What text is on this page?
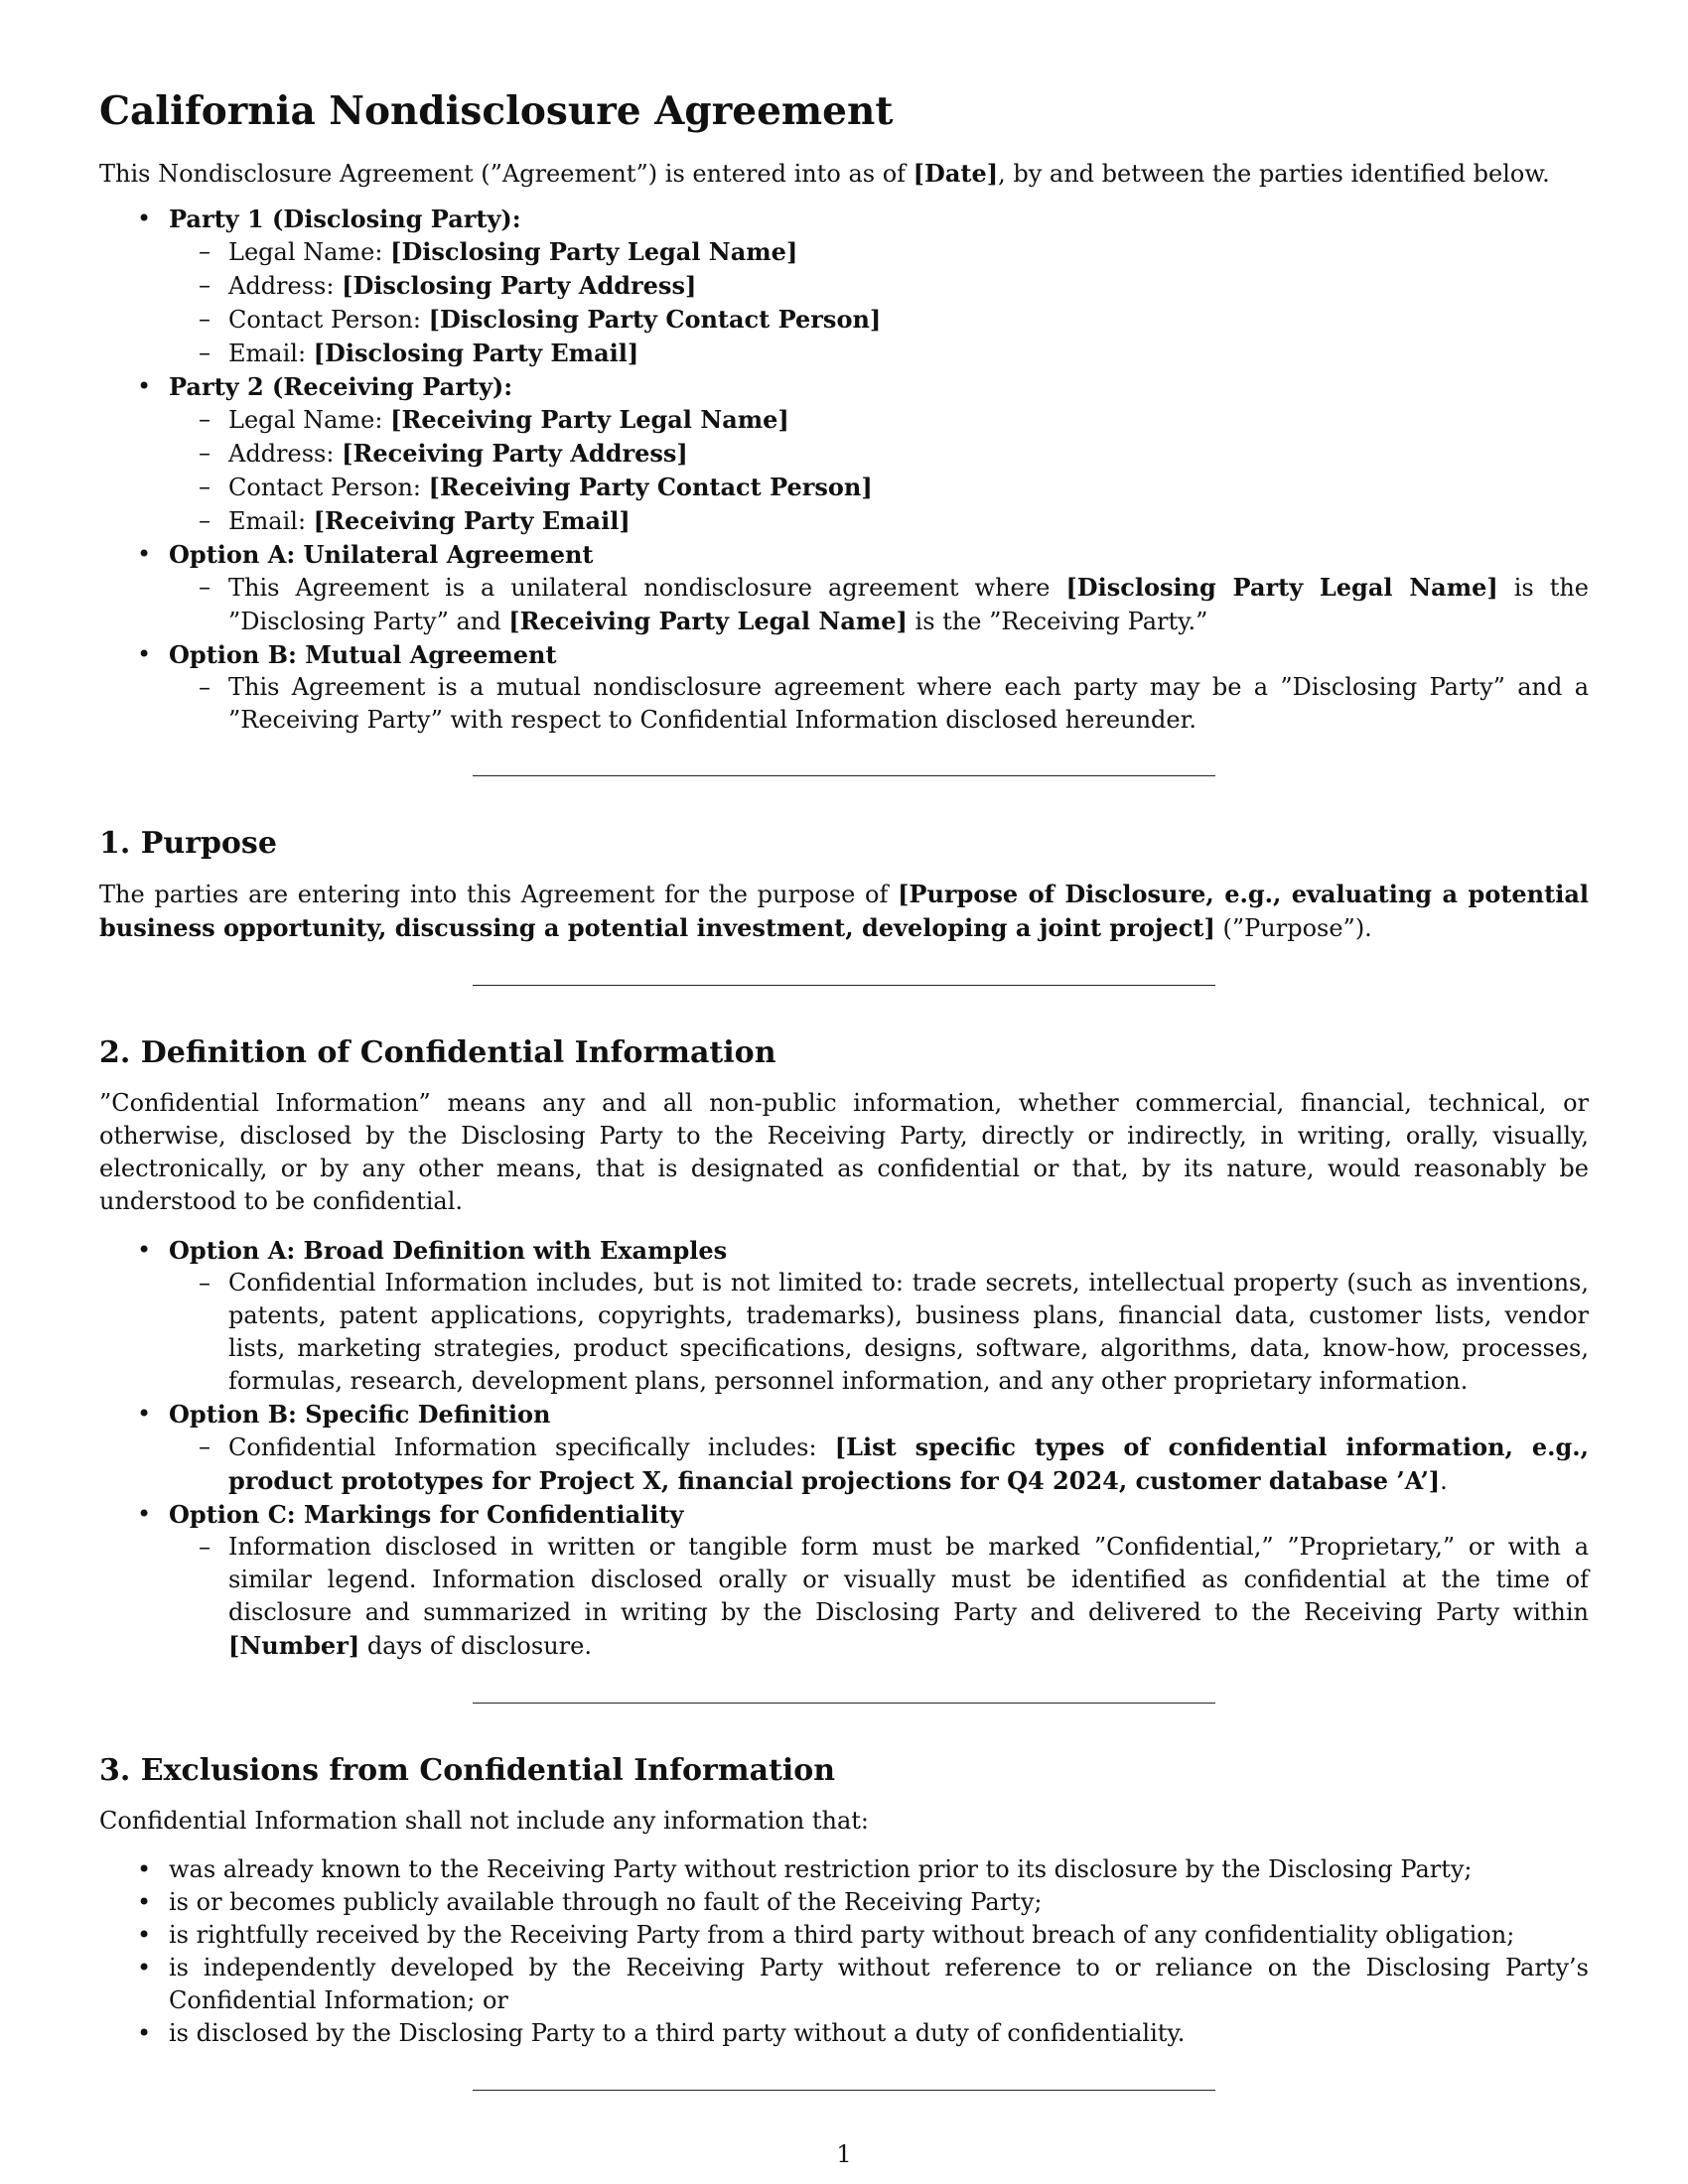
California Nondisclosure Agreement

This Nondisclosure Agreement (”Agreement”) is entered into as of [Date], by and between the parties identified below.

• Party 1 (Disclosing Party):
– Legal Name: [Disclosing Party Legal Name]
– Address: [Disclosing Party Address]
– Contact Person: [Disclosing Party Contact Person]
– Email: [Disclosing Party Email]
• Party 2 (Receiving Party):
– Legal Name: [Receiving Party Legal Name]
– Address: [Receiving Party Address]
– Contact Person: [Receiving Party Contact Person]
– Email: [Receiving Party Email]
• Option A: Unilateral Agreement
– This Agreement is a unilateral nondisclosure agreement where [Disclosing Party Legal Name] is the ”Disclosing Party” and [Receiving Party Legal Name] is the ”Receiving Party.”
• Option B: Mutual Agreement
– This Agreement is a mutual nondisclosure agreement where each party may be a ”Disclosing Party” and a ”Receiving Party” with respect to Confidential Information disclosed hereunder.
1. Purpose

The parties are entering into this Agreement for the purpose of [Purpose of Disclosure, e.g., evaluating a potential business opportunity, discussing a potential investment, developing a joint project] (”Purpose”).

2. Definition of Confidential Information

”Confidential Information” means any and all non-public information, whether commercial, financial, technical, or otherwise, disclosed by the Disclosing Party to the Receiving Party, directly or indirectly, in writing, orally, visually, electronically, or by any other means, that is designated as confidential or that, by its nature, would reasonably be understood to be confidential.

• Option A: Broad Definition with Examples
– Confidential Information includes, but is not limited to: trade secrets, intellectual property (such as inventions, patents, patent applications, copyrights, trademarks), business plans, financial data, customer lists, vendor lists, marketing strategies, product specifications, designs, software, algorithms, data, know-how, processes, formulas, research, development plans, personnel information, and any other proprietary information.
• Option B: Specific Definition
– Confidential Information specifically includes: [List specific types of confidential information, e.g., product prototypes for Project X, financial projections for Q4 2024, customer database ’A’].
• Option C: Markings for Confidentiality
– Information disclosed in written or tangible form must be marked ”Confidential,” ”Proprietary,” or with a similar legend. Information disclosed orally or visually must be identified as confidential at the time of disclosure and summarized in writing by the Disclosing Party and delivered to the Receiving Party within [Number] days of disclosure.
3. Exclusions from Confidential Information

Confidential Information shall not include any information that:

• was already known to the Receiving Party without restriction prior to its disclosure by the Disclosing Party;
• is or becomes publicly available through no fault of the Receiving Party;
• is rightfully received by the Receiving Party from a third party without breach of any confidentiality obligation;
• is independently developed by the Receiving Party without reference to or reliance on the Disclosing Party’s Confidential Information; or
• is disclosed by the Disclosing Party to a third party without a duty of confidentiality.
1
